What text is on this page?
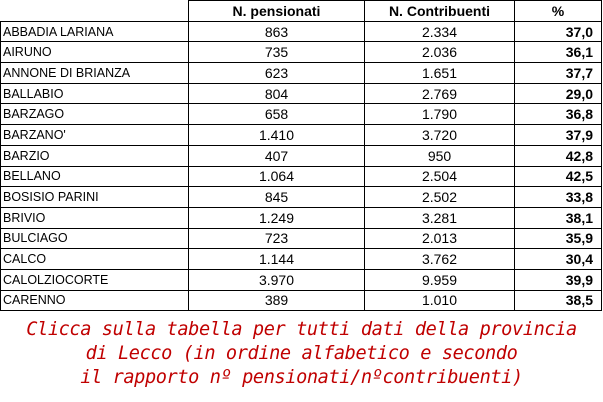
	N. pensionati	N. Contribuenti	%
ABBADIA LARIANA	863	2.334	37,0
AIRUNO	735	2.036	36,1
ANNONE DI BRIANZA	623	1.651	37,7
BALLABIO	804	2.769	29,0
BARZAGO	658	1.790	36,8
BARZANO'	1.410	3.720	37,9
BARZIO	407	950	42,8
BELLANO	1.064	2.504	42,5
BOSISIO PARINI	845	2.502	33,8
BRIVIO	1.249	3.281	38,1
BULCIAGO	723	2.013	35,9
CALCO	1.144	3.762	30,4
CALOLZIOCORTE	3.970	9.959	39,9
CARENNO	389	1.010	38,5
Clicca sulla tabella per tutti dati della provincia
di Lecco (in ordine alfabetico e secondo
il rapporto nº pensionati/nºcontribuenti)
